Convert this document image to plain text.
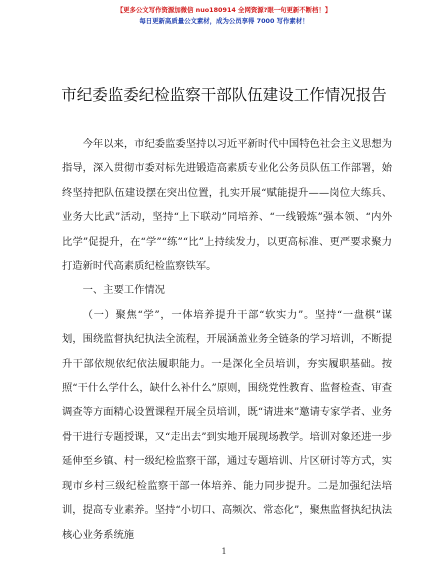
【更多公文写作资源加微信 nuo180914 全网资源?眼一句更新不断档！】
每日更新高质量公文素材，成为公员享得 7000 写作素材！
市纪委监委纪检监察干部队伍建设工作情况报告

今年以来，市纪委监委坚持以习近平新时代中国特色社会主义思想为指导，深入贯彻市委对标先进锻造高素质专业化公务员队伍工作部署，始终坚持把队伍建设摆在突出位置，扎实开展“赋能提升——岗位大练兵、业务大比武”活动，坚持“上下联动”同培养、“一线锻炼”强本领、“内外比学”促提升，在“学”“练”“比”上持续发力，以更高标准、更严要求聚力打造新时代高素质纪检监察铁军。

一、主要工作情况

（一）聚焦“学”，一体培养提升干部“软实力”。坚持“一盘棋”谋划，围绕监督执纪执法全流程，开展涵盖业务全链条的学习培训，不断提升干部依规依纪依法履职能力。一是深化全员培训，夯实履职基础。按照“干什么学什么，缺什么补什么”原则，围绕党性教育、监督检查、审查调查等方面精心设置课程开展全员培训，既“请进来”邀请专家学者、业务骨干进行专题授课，又“走出去”到实地开展现场教学。培训对象还进一步延伸至乡镇、村一级纪检监察干部，通过专题培训、片区研讨等方式，实现市乡村三级纪检监察干部一体培养、能力同步提升。二是加强纪法培训，提高专业素养。坚持“小切口、高频次、常态化”，聚焦监督执纪执法核心业务系统施

1
